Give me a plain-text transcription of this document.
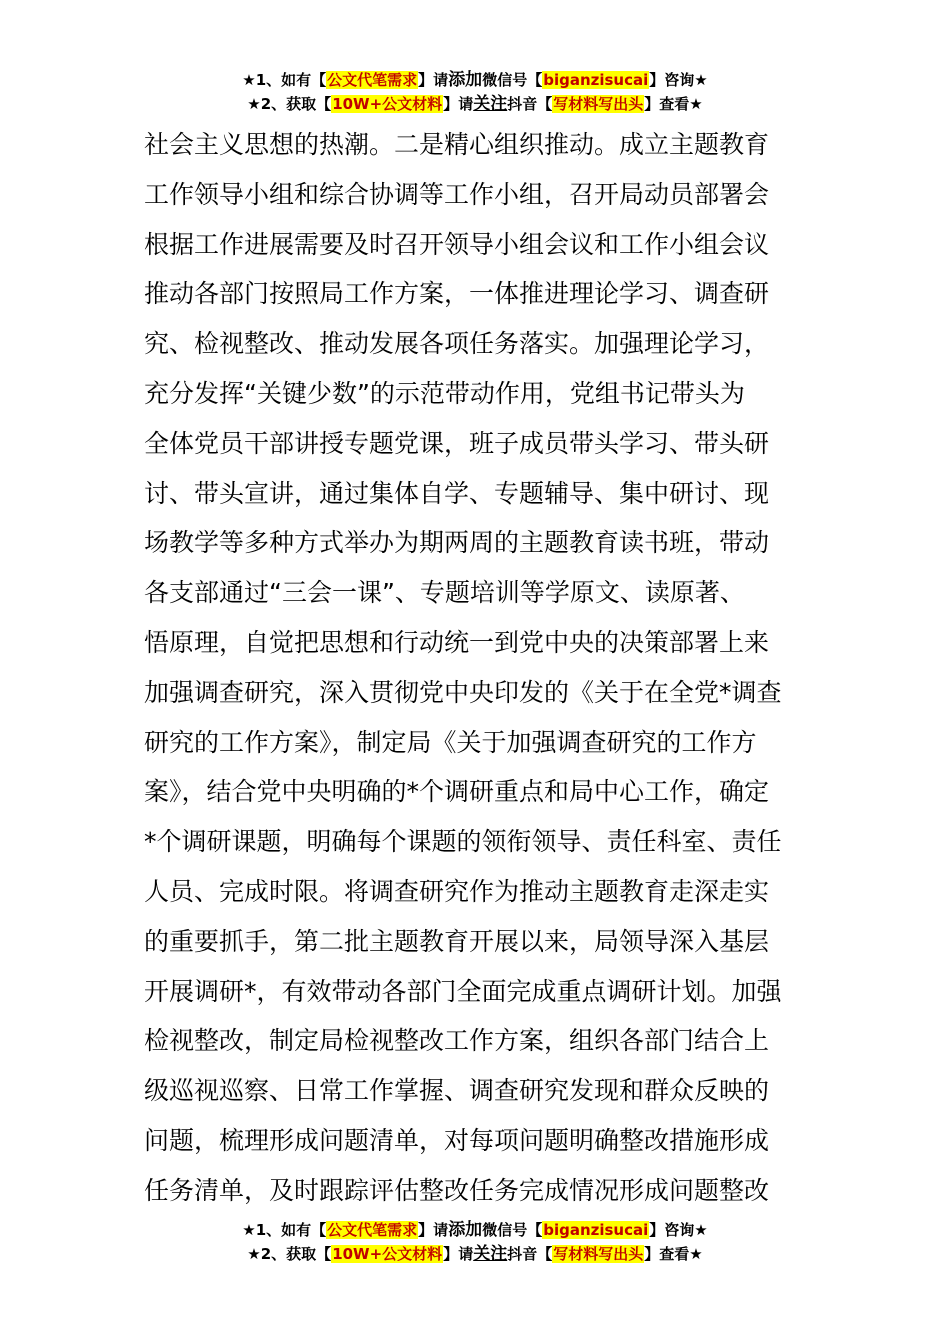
★1、如有【公文代笔需求】请添加微信号【biganzisucai】咨询★
★2、获取【10W+公文材料】请关注抖音【写材料写出头】查看★
社会主义思想的热潮。二是精心组织推动。成立主题教育
工作领导小组和综合协调等工作小组，召开局动员部署会
根据工作进展需要及时召开领导小组会议和工作小组会议
推动各部门按照局工作方案，一体推进理论学习、调查研
究、检视整改、推动发展各项任务落实。加强理论学习，
充分发挥“关键少数”的示范带动作用，党组书记带头为
全体党员干部讲授专题党课，班子成员带头学习、带头研
讨、带头宣讲，通过集体自学、专题辅导、集中研讨、现
场教学等多种方式举办为期两周的主题教育读书班，带动
各支部通过“三会一课”、专题培训等学原文、读原著、
悟原理，自觉把思想和行动统一到党中央的决策部署上来
加强调查研究，深入贯彻党中央印发的《关于在全党*调查
研究的工作方案》，制定局《关于加强调查研究的工作方
案》，结合党中央明确的*个调研重点和局中心工作，确定
*个调研课题，明确每个课题的领衔领导、责任科室、责任
人员、完成时限。将调查研究作为推动主题教育走深走实
的重要抓手，第二批主题教育开展以来，局领导深入基层
开展调研*，有效带动各部门全面完成重点调研计划。加强
检视整改，制定局检视整改工作方案，组织各部门结合上
级巡视巡察、日常工作掌握、调查研究发现和群众反映的
问题，梳理形成问题清单，对每项问题明确整改措施形成
任务清单，及时跟踪评估整改任务完成情况形成问题整改
★1、如有【公文代笔需求】请添加微信号【biganzisucai】咨询★
★2、获取【10W+公文材料】请关注抖音【写材料写出头】查看★
